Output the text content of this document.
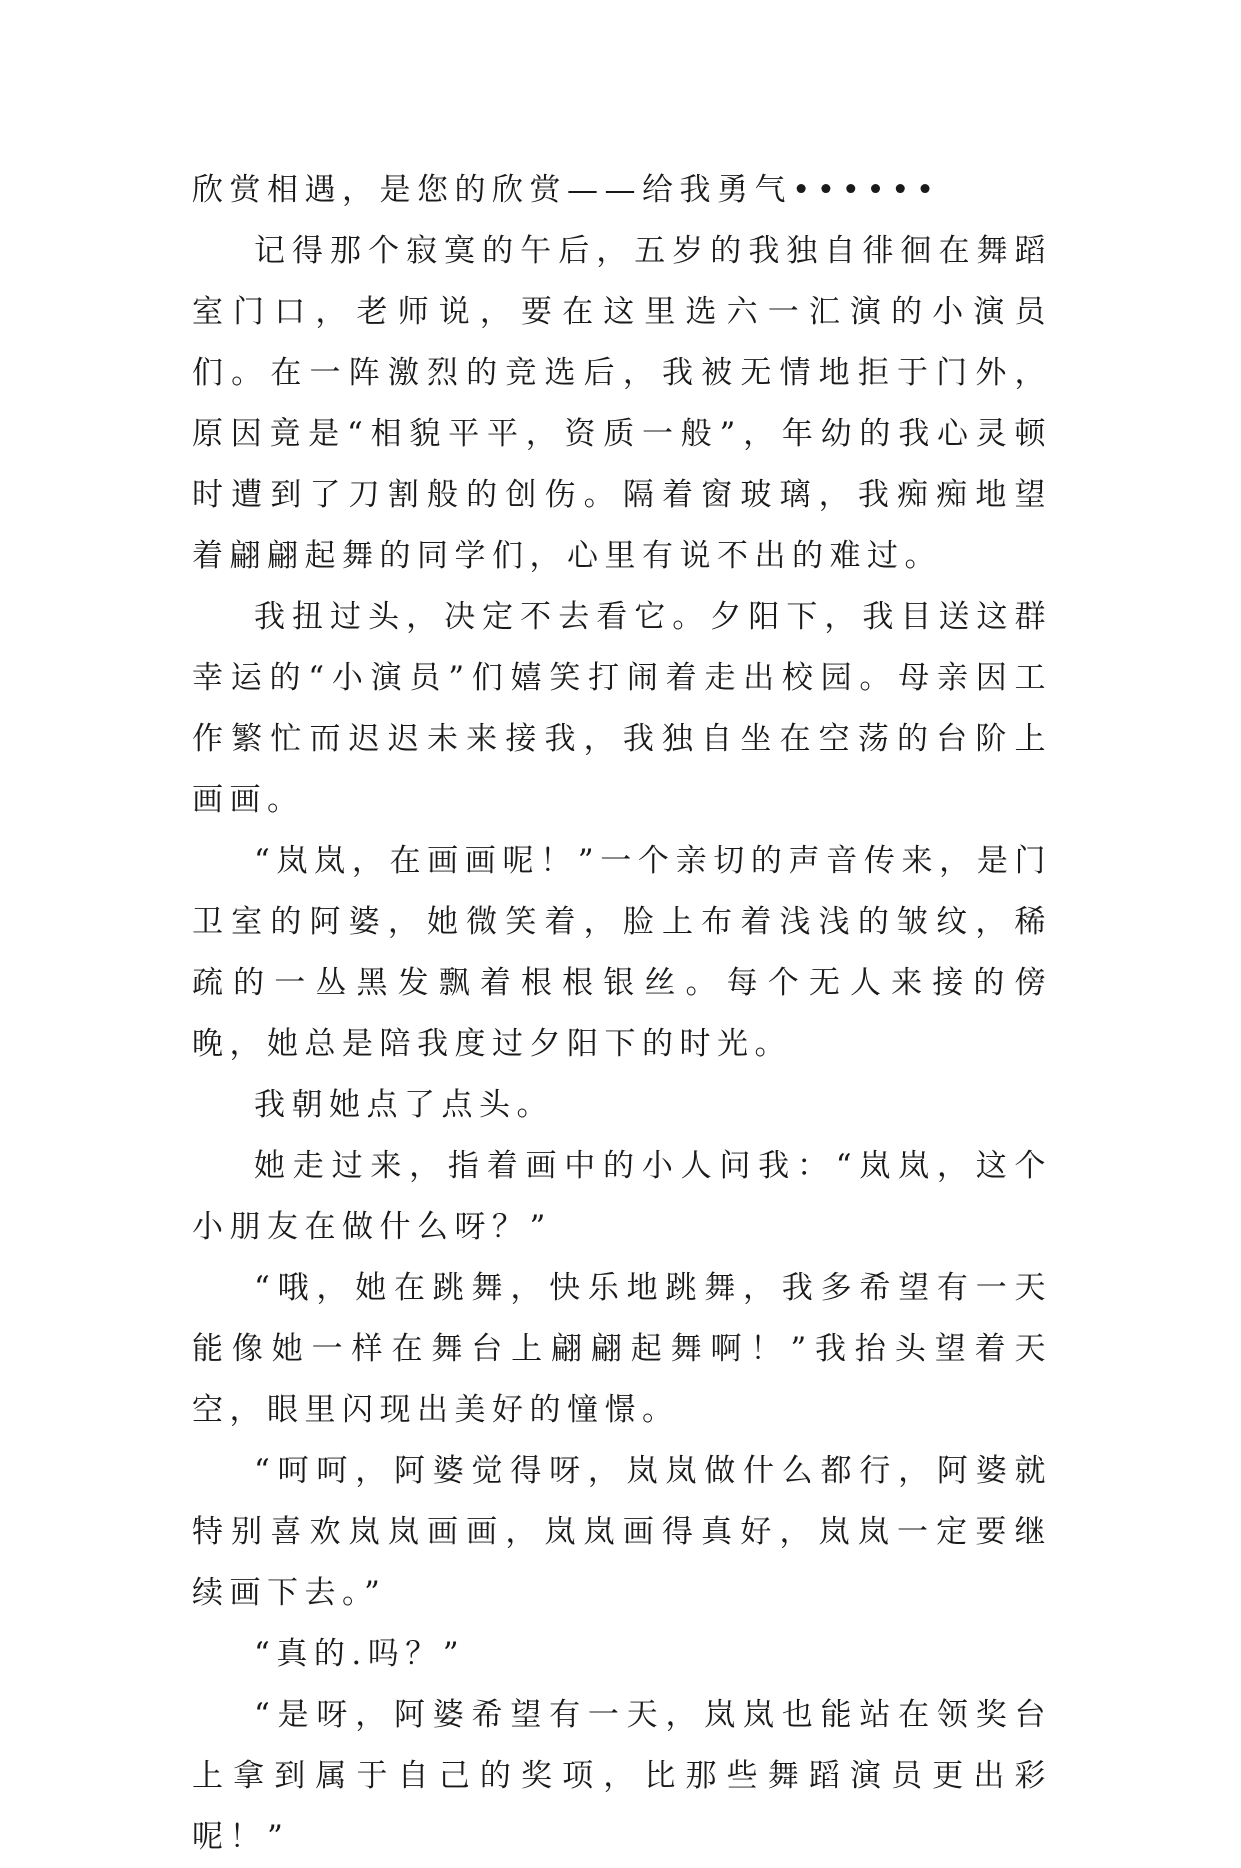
欣赏相遇，是您的欣赏——给我勇气••••••

记得那个寂寞的午后，五岁的我独自徘徊在舞蹈室门口，老师说，要在这里选六一汇演的小演员们。在一阵激烈的竞选后，我被无情地拒于门外，原因竟是“相貌平平，资质一般”，年幼的我心灵顿时遭到了刀割般的创伤。隔着窗玻璃，我痴痴地望着翩翩起舞的同学们，心里有说不出的难过。

我扭过头，决定不去看它。夕阳下，我目送这群幸运的“小演员”们嬉笑打闹着走出校园。母亲因工作繁忙而迟迟未来接我，我独自坐在空荡的台阶上画画。

“岚岚，在画画呢！”一个亲切的声音传来，是门卫室的阿婆，她微笑着，脸上布着浅浅的皱纹，稀疏的一丛黑发飘着根根银丝。每个无人来接的傍晚，她总是陪我度过夕阳下的时光。

我朝她点了点头。

她走过来，指着画中的小人问我：“岚岚，这个小朋友在做什么呀？”

“哦，她在跳舞，快乐地跳舞，我多希望有一天能像她一样在舞台上翩翩起舞啊！”我抬头望着天空，眼里闪现出美好的憧憬。

“呵呵，阿婆觉得呀，岚岚做什么都行，阿婆就特别喜欢岚岚画画，岚岚画得真好，岚岚一定要继续画下去。”

“真的.吗？”

“是呀，阿婆希望有一天，岚岚也能站在领奖台上拿到属于自己的奖项，比那些舞蹈演员更出彩呢！”
